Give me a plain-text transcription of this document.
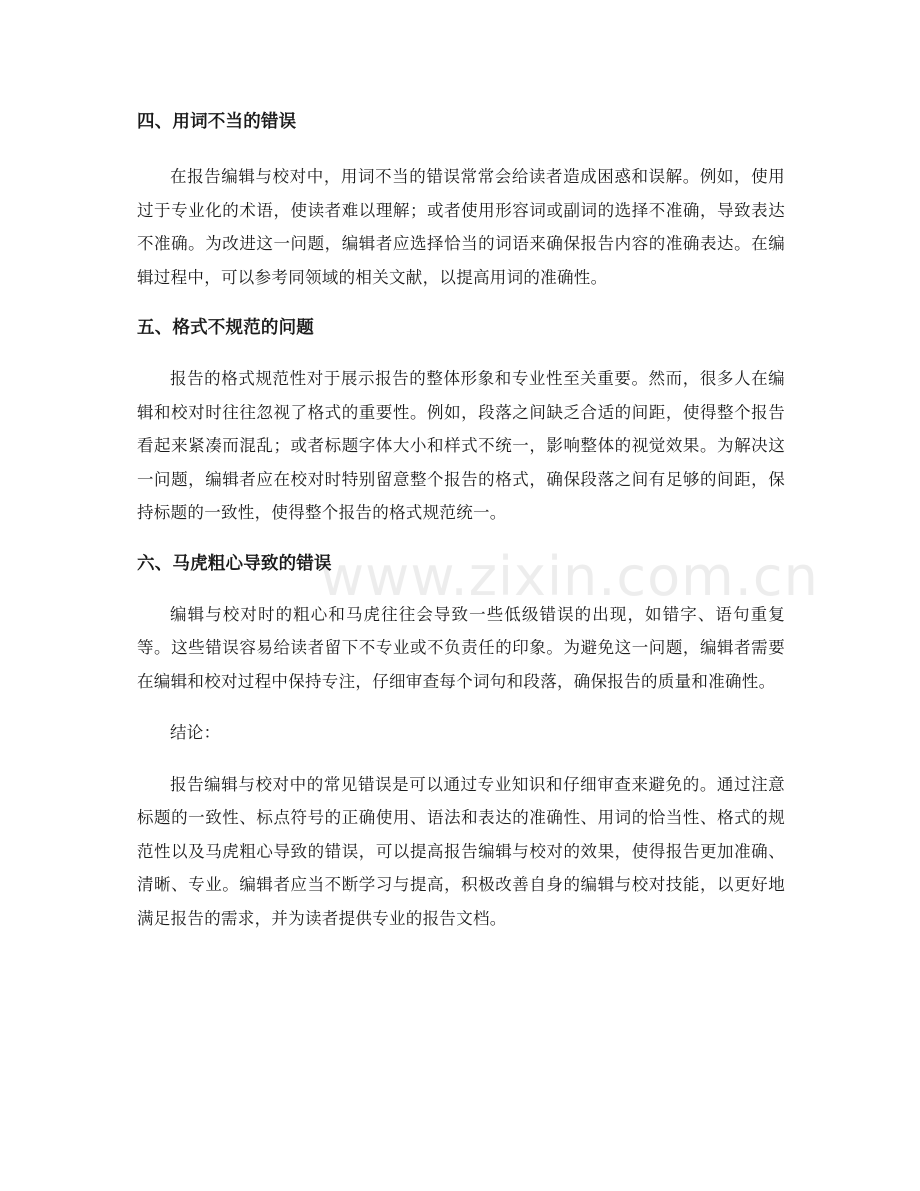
四、用词不当的错误

在报告编辑与校对中，用词不当的错误常常会给读者造成困惑和误解。例如，使用过于专业化的术语，使读者难以理解；或者使用形容词或副词的选择不准确，导致表达不准确。为改进这一问题，编辑者应选择恰当的词语来确保报告内容的准确表达。在编辑过程中，可以参考同领域的相关文献，以提高用词的准确性。

五、格式不规范的问题

报告的格式规范性对于展示报告的整体形象和专业性至关重要。然而，很多人在编辑和校对时往往忽视了格式的重要性。例如，段落之间缺乏合适的间距，使得整个报告看起来紧凑而混乱；或者标题字体大小和样式不统一，影响整体的视觉效果。为解决这一问题，编辑者应在校对时特别留意整个报告的格式，确保段落之间有足够的间距，保持标题的一致性，使得整个报告的格式规范统一。

六、马虎粗心导致的错误

编辑与校对时的粗心和马虎往往会导致一些低级错误的出现，如错字、语句重复等。这些错误容易给读者留下不专业或不负责任的印象。为避免这一问题，编辑者需要在编辑和校对过程中保持专注，仔细审查每个词句和段落，确保报告的质量和准确性。

结论：

报告编辑与校对中的常见错误是可以通过专业知识和仔细审查来避免的。通过注意标题的一致性、标点符号的正确使用、语法和表达的准确性、用词的恰当性、格式的规范性以及马虎粗心导致的错误，可以提高报告编辑与校对的效果，使得报告更加准确、清晰、专业。编辑者应当不断学习与提高，积极改善自身的编辑与校对技能，以更好地满足报告的需求，并为读者提供专业的报告文档。

www.zixin.com.cn
